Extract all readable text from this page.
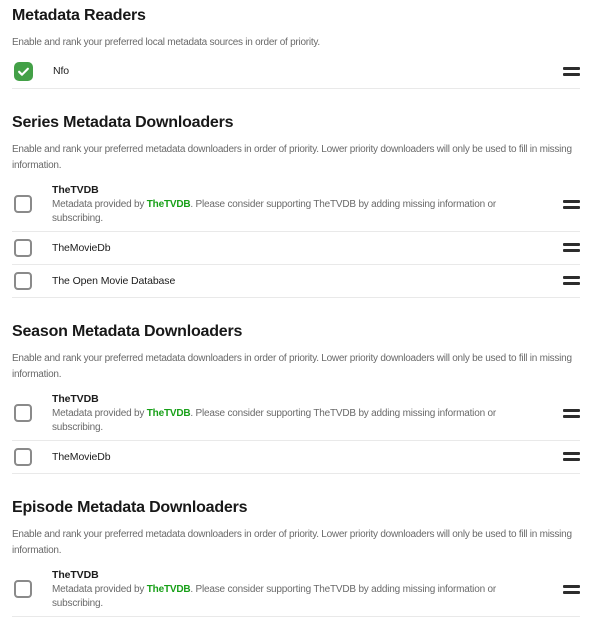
Metadata Readers

Enable and rank your preferred local metadata sources in order of priority.

Nfo
Series Metadata Downloaders

Enable and rank your preferred metadata downloaders in order of priority. Lower priority downloaders will only be used to fill in missing information.

TheTVDB
Metadata provided by TheTVDB. Please consider supporting TheTVDB by adding missing information or subscribing.
TheMovieDb
The Open Movie Database
Season Metadata Downloaders

Enable and rank your preferred metadata downloaders in order of priority. Lower priority downloaders will only be used to fill in missing information.

TheTVDB
Metadata provided by TheTVDB. Please consider supporting TheTVDB by adding missing information or subscribing.
TheMovieDb
Episode Metadata Downloaders

Enable and rank your preferred metadata downloaders in order of priority. Lower priority downloaders will only be used to fill in missing information.

TheTVDB
Metadata provided by TheTVDB. Please consider supporting TheTVDB by adding missing information or subscribing.
